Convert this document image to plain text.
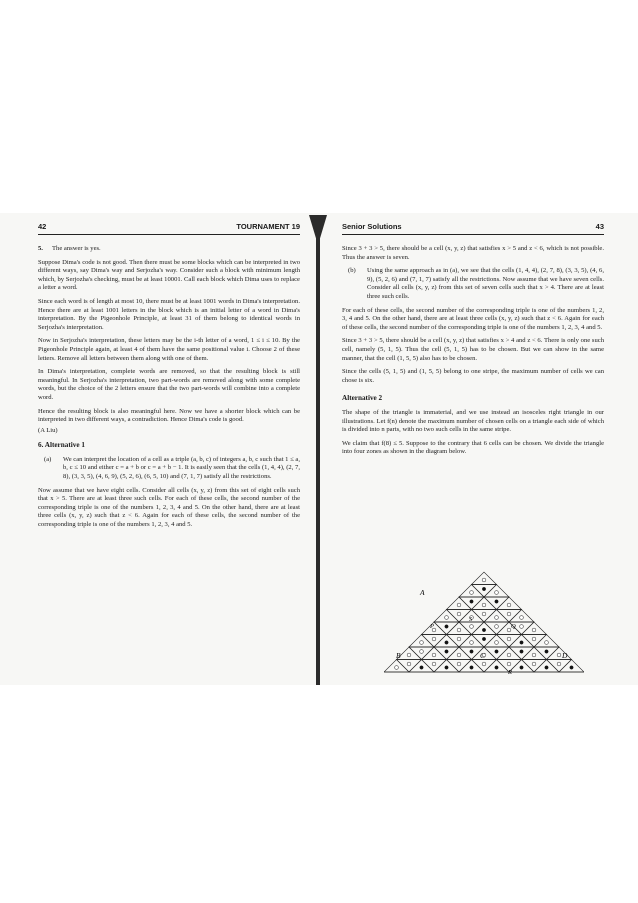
42	TOURNAMENT 19

5. The answer is yes.

Suppose Dima's code is not good. Then there must be some blocks which can be interpreted in two different ways, say Dima's way and Serjozha's way. Consider such a block with minimum length which, by Serjozha's checking, must be at least 10001. Call each block which Dima uses to replace a letter a word.

Since each word is of length at most 10, there must be at least 1001 words in Dima's interpretation. Hence there are at least 1001 letters in the block which is an initial letter of a word in Dima's interpretation. By the Pigeonhole Principle, at least 31 of them belong to identical words in Serjozha's interpretation.

Now in Serjozha's interpretation, these letters may be the i-th letter of a word, 1 ≤ i ≤ 10. By the Pigeonhole Principle again, at least 4 of them have the same positional value i. Choose 2 of these letters. Remove all letters between them along with one of them.

In Dima's interpretation, complete words are removed, so that the resulting block is still meaningful. In Serjozha's interpretation, two part-words are removed along with some complete words, but the choice of the 2 letters ensure that the two part-words will combine into a complete word.

Hence the resulting block is also meaningful here. Now we have a shorter block which can be interpreted in two different ways, a contradiction. Hence Dima's code is good.

(A Liu)

6. Alternative 1

(a) We can interpret the location of a cell as a triple (a, b, c) of integers a, b, c such that 1 ≤ a, b, c ≤ 10 and either c = a + b or c = a + b − 1. It is easily seen that the cells (1, 4, 4), (2, 7, 8), (3, 3, 5), (4, 6, 9), (5, 2, 6), (6, 5, 10) and (7, 1, 7) satisfy all the restrictions.

Now assume that we have eight cells. Consider all cells (x, y, z) from this set of eight cells such that x > 5. There are at least three such cells. For each of these cells, the second number of the corresponding triple is one of the numbers 1, 2, 3, 4 and 5. On the other hand, there are at least three cells (x, y, z) such that z < 6. Again for each of these cells, the second number of the corresponding triple is one of the numbers 1, 2, 3, 4 and 5.

Senior Solutions	43

Since 3 + 3 > 5, there should be a cell (x, y, z) that satisfies x > 5 and z < 6, which is not possible. Thus the answer is seven.

(b) Using the same approach as in (a), we see that the cells (1, 4, 4), (2, 7, 8), (3, 3, 5), (4, 6, 9), (5, 2, 6) and (7, 1, 7) satisfy all the restrictions. Now assume that we have seven cells. Consider all cells (x, y, z) from this set of seven cells such that x > 4. There are at least three such cells.

For each of these cells, the second number of the corresponding triple is one of the numbers 1, 2, 3, 4 and 5. On the other hand, there are at least three cells (x, y, z) such that z < 6. Again for each of these cells, the second number of the corresponding triple is one of the numbers 1, 2, 3, 4 and 5.

Since 3 + 3 > 5, there should be a cell (x, y, z) that satisfies x > 4 and z < 6. There is only one such cell, namely (5, 1, 5). Thus the cell (5, 1, 5) has to be chosen. But we can show in the same manner, that the cell (1, 5, 5) also has to be chosen.

Since the cells (5, 1, 5) and (1, 5, 5) belong to one stripe, the maximum number of cells we can chose is six.

Alternative 2

The shape of the triangle is immaterial, and we use instead an isosceles right triangle in our illustrations. Let f(n) denote the maximum number of chosen cells on a triangle each side of which is divided into n parts, with no two such cells in the same stripe.

We claim that f(8) ≤ 5. Suppose to the contrary that 6 cells can be chosen. We divide the triangle into four zones as shown in the diagram below.

A
B	C	D
P	Q
R
S
